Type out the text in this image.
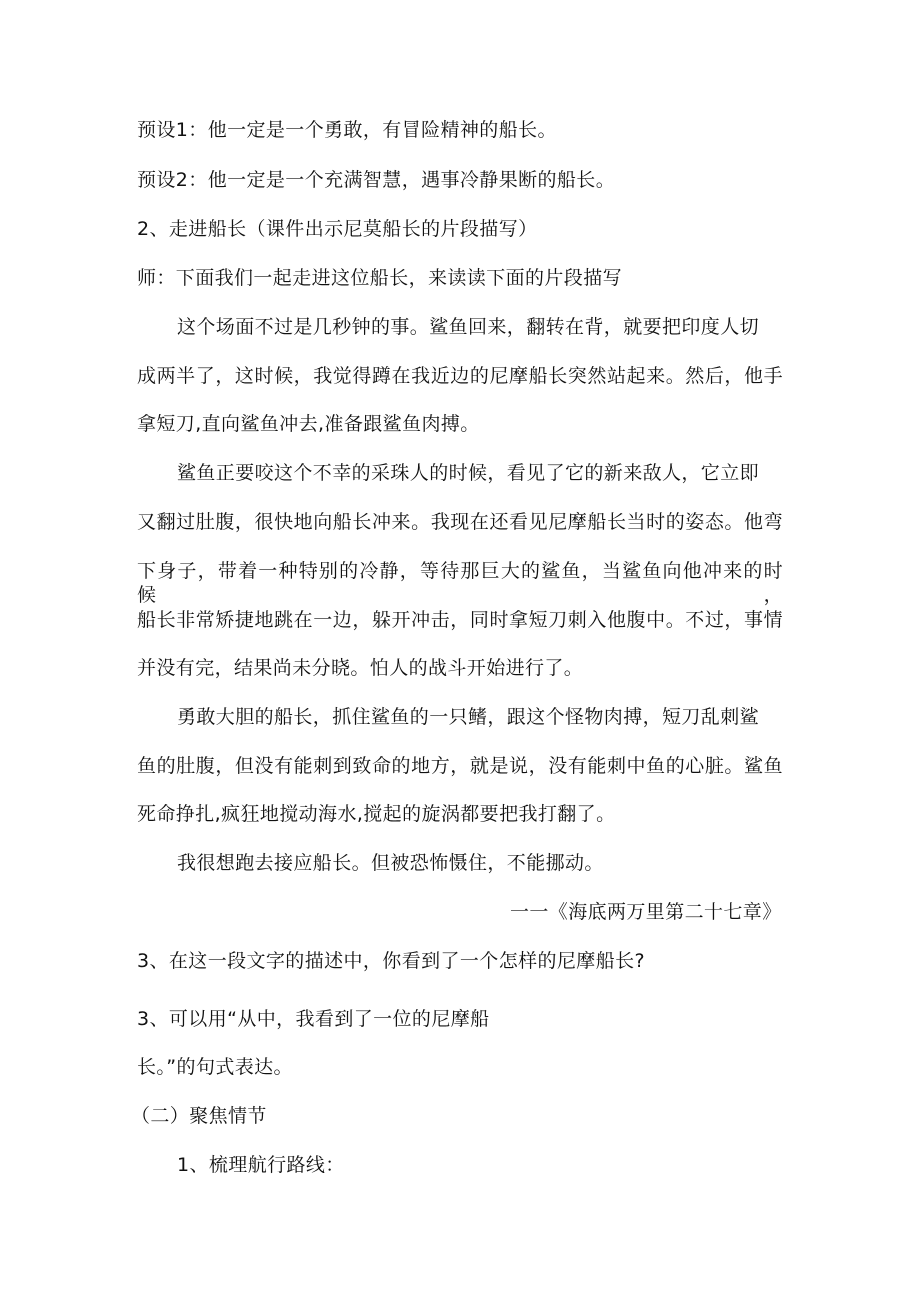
预设1：他一定是一个勇敢，有冒险精神的船长。
预设2：他一定是一个充满智慧，遇事冷静果断的船长。
2、走进船长（课件出示尼莫船长的片段描写）
师：下面我们一起走进这位船长，来读读下面的片段描写
这个场面不过是几秒钟的事。鲨鱼回来，翻转在背，就要把印度人切
成两半了，这时候，我觉得蹲在我近边的尼摩船长突然站起来。然后，他手
拿短刀,直向鲨鱼冲去,准备跟鲨鱼肉搏。
鲨鱼正要咬这个不幸的采珠人的时候，看见了它的新来敌人，它立即
又翻过肚腹，很快地向船长冲来。我现在还看见尼摩船长当时的姿态。他弯
下身子，带着一种特别的冷静，等待那巨大的鲨鱼，当鲨鱼向他冲来的时候，
船长非常矫捷地跳在一边，躲开冲击，同时拿短刀刺入他腹中。不过，事情
并没有完，结果尚未分晓。怕人的战斗开始进行了。
勇敢大胆的船长，抓住鲨鱼的一只鳍，跟这个怪物肉搏，短刀乱刺鲨
鱼的肚腹，但没有能刺到致命的地方，就是说，没有能刺中鱼的心脏。鲨鱼
死命挣扎,疯狂地搅动海水,搅起的旋涡都要把我打翻了。
我很想跑去接应船长。但被恐怖慑住，不能挪动。
一一《海底两万里第二十七章》
3、在这一段文字的描述中，你看到了一个怎样的尼摩船长?
3、可以用“从中，我看到了一位的尼摩船
长。”的句式表达。
（二）聚焦情节
1、梳理航行路线：
